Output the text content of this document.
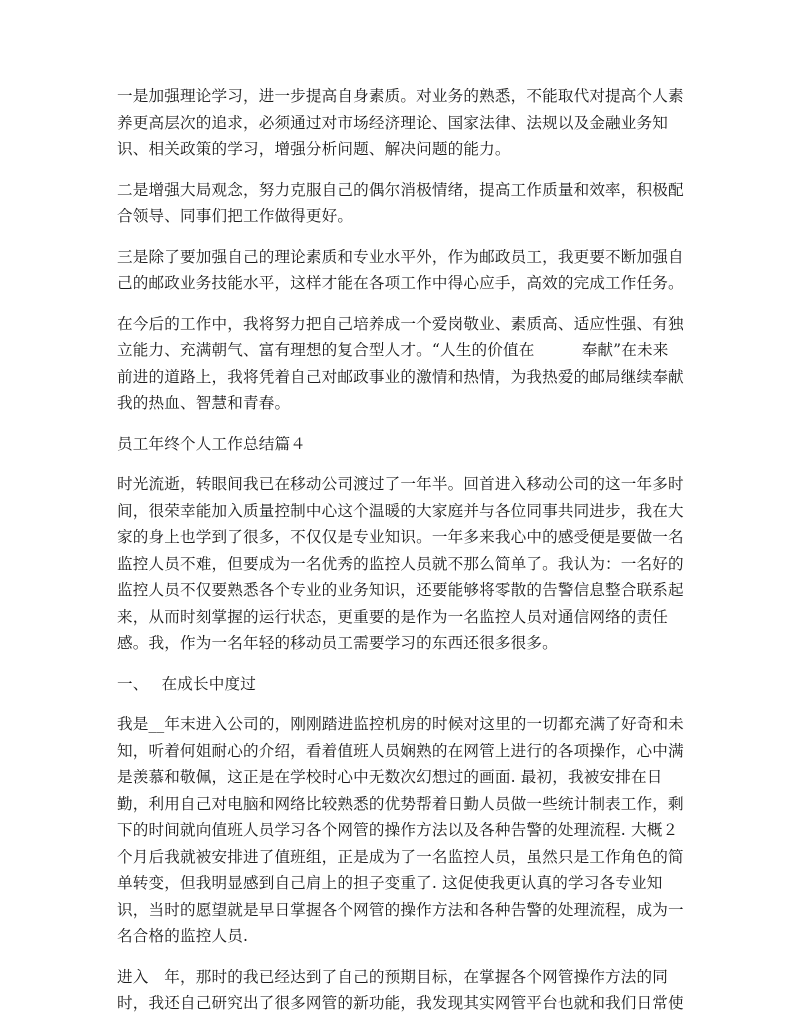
一是加强理论学习，进一步提高自身素质。对业务的熟悉，不能取代对提高个人素
养更高层次的追求，必须通过对市场经济理论、国家法律、法规以及金融业务知
识、相关政策的学习，增强分析问题、解决问题的能力。
二是增强大局观念，努力克服自己的偶尔消极情绪，提高工作质量和效率，积极配
合领导、同事们把工作做得更好。
三是除了要加强自己的理论素质和专业水平外，作为邮政员工，我更要不断加强自
己的邮政业务技能水平，这样才能在各项工作中得心应手，高效的完成工作任务。
在今后的工作中，我将努力把自己培养成一个爱岗敬业、素质高、适应性强、有独
立能力、充满朝气、富有理想的复合型人才。“人生的价值在　　　奉献”在未来
前进的道路上，我将凭着自己对邮政事业的激情和热情，为我热爱的邮局继续奉献
我的热血、智慧和青春。
员工年终个人工作总结篇４
时光流逝，转眼间我已在移动公司渡过了一年半。回首进入移动公司的这一年多时
间，很荣幸能加入质量控制中心这个温暖的大家庭并与各位同事共同进步，我在大
家的身上也学到了很多，不仅仅是专业知识。一年多来我心中的感受便是要做一名
监控人员不难，但要成为一名优秀的监控人员就不那么简单了。我认为：一名好的
监控人员不仅要熟悉各个专业的业务知识，还要能够将零散的告警信息整合联系起
来，从而时刻掌握的运行状态，更重要的是作为一名监控人员对通信网络的责任
感。我，作为一名年轻的移动员工需要学习的东西还很多很多。
一、　 在成长中度过
我是__年末进入公司的，刚刚踏进监控机房的时候对这里的一切都充满了好奇和未
知，听着何姐耐心的介绍，看着值班人员娴熟的在网管上进行的各项操作，心中满
是羡慕和敬佩，这正是在学校时心中无数次幻想过的画面. 最初，我被安排在日
勤，利用自己对电脑和网络比较熟悉的优势帮着日勤人员做一些统计制表工作，剩
下的时间就向值班人员学习各个网管的操作方法以及各种告警的处理流程. 大概２
个月后我就被安排进了值班组，正是成为了一名监控人员，虽然只是工作角色的简
单转变，但我明显感到自己肩上的担子变重了. 这促使我更认真的学习各专业知
识，当时的愿望就是早日掌握各个网管的操作方法和各种告警的处理流程，成为一
名合格的监控人员.
进入　年，那时的我已经达到了自己的预期目标，在掌握各个网管操作方法的同
时，我还自己研究出了很多网管的新功能，我发现其实网管平台也就和我们日常使
